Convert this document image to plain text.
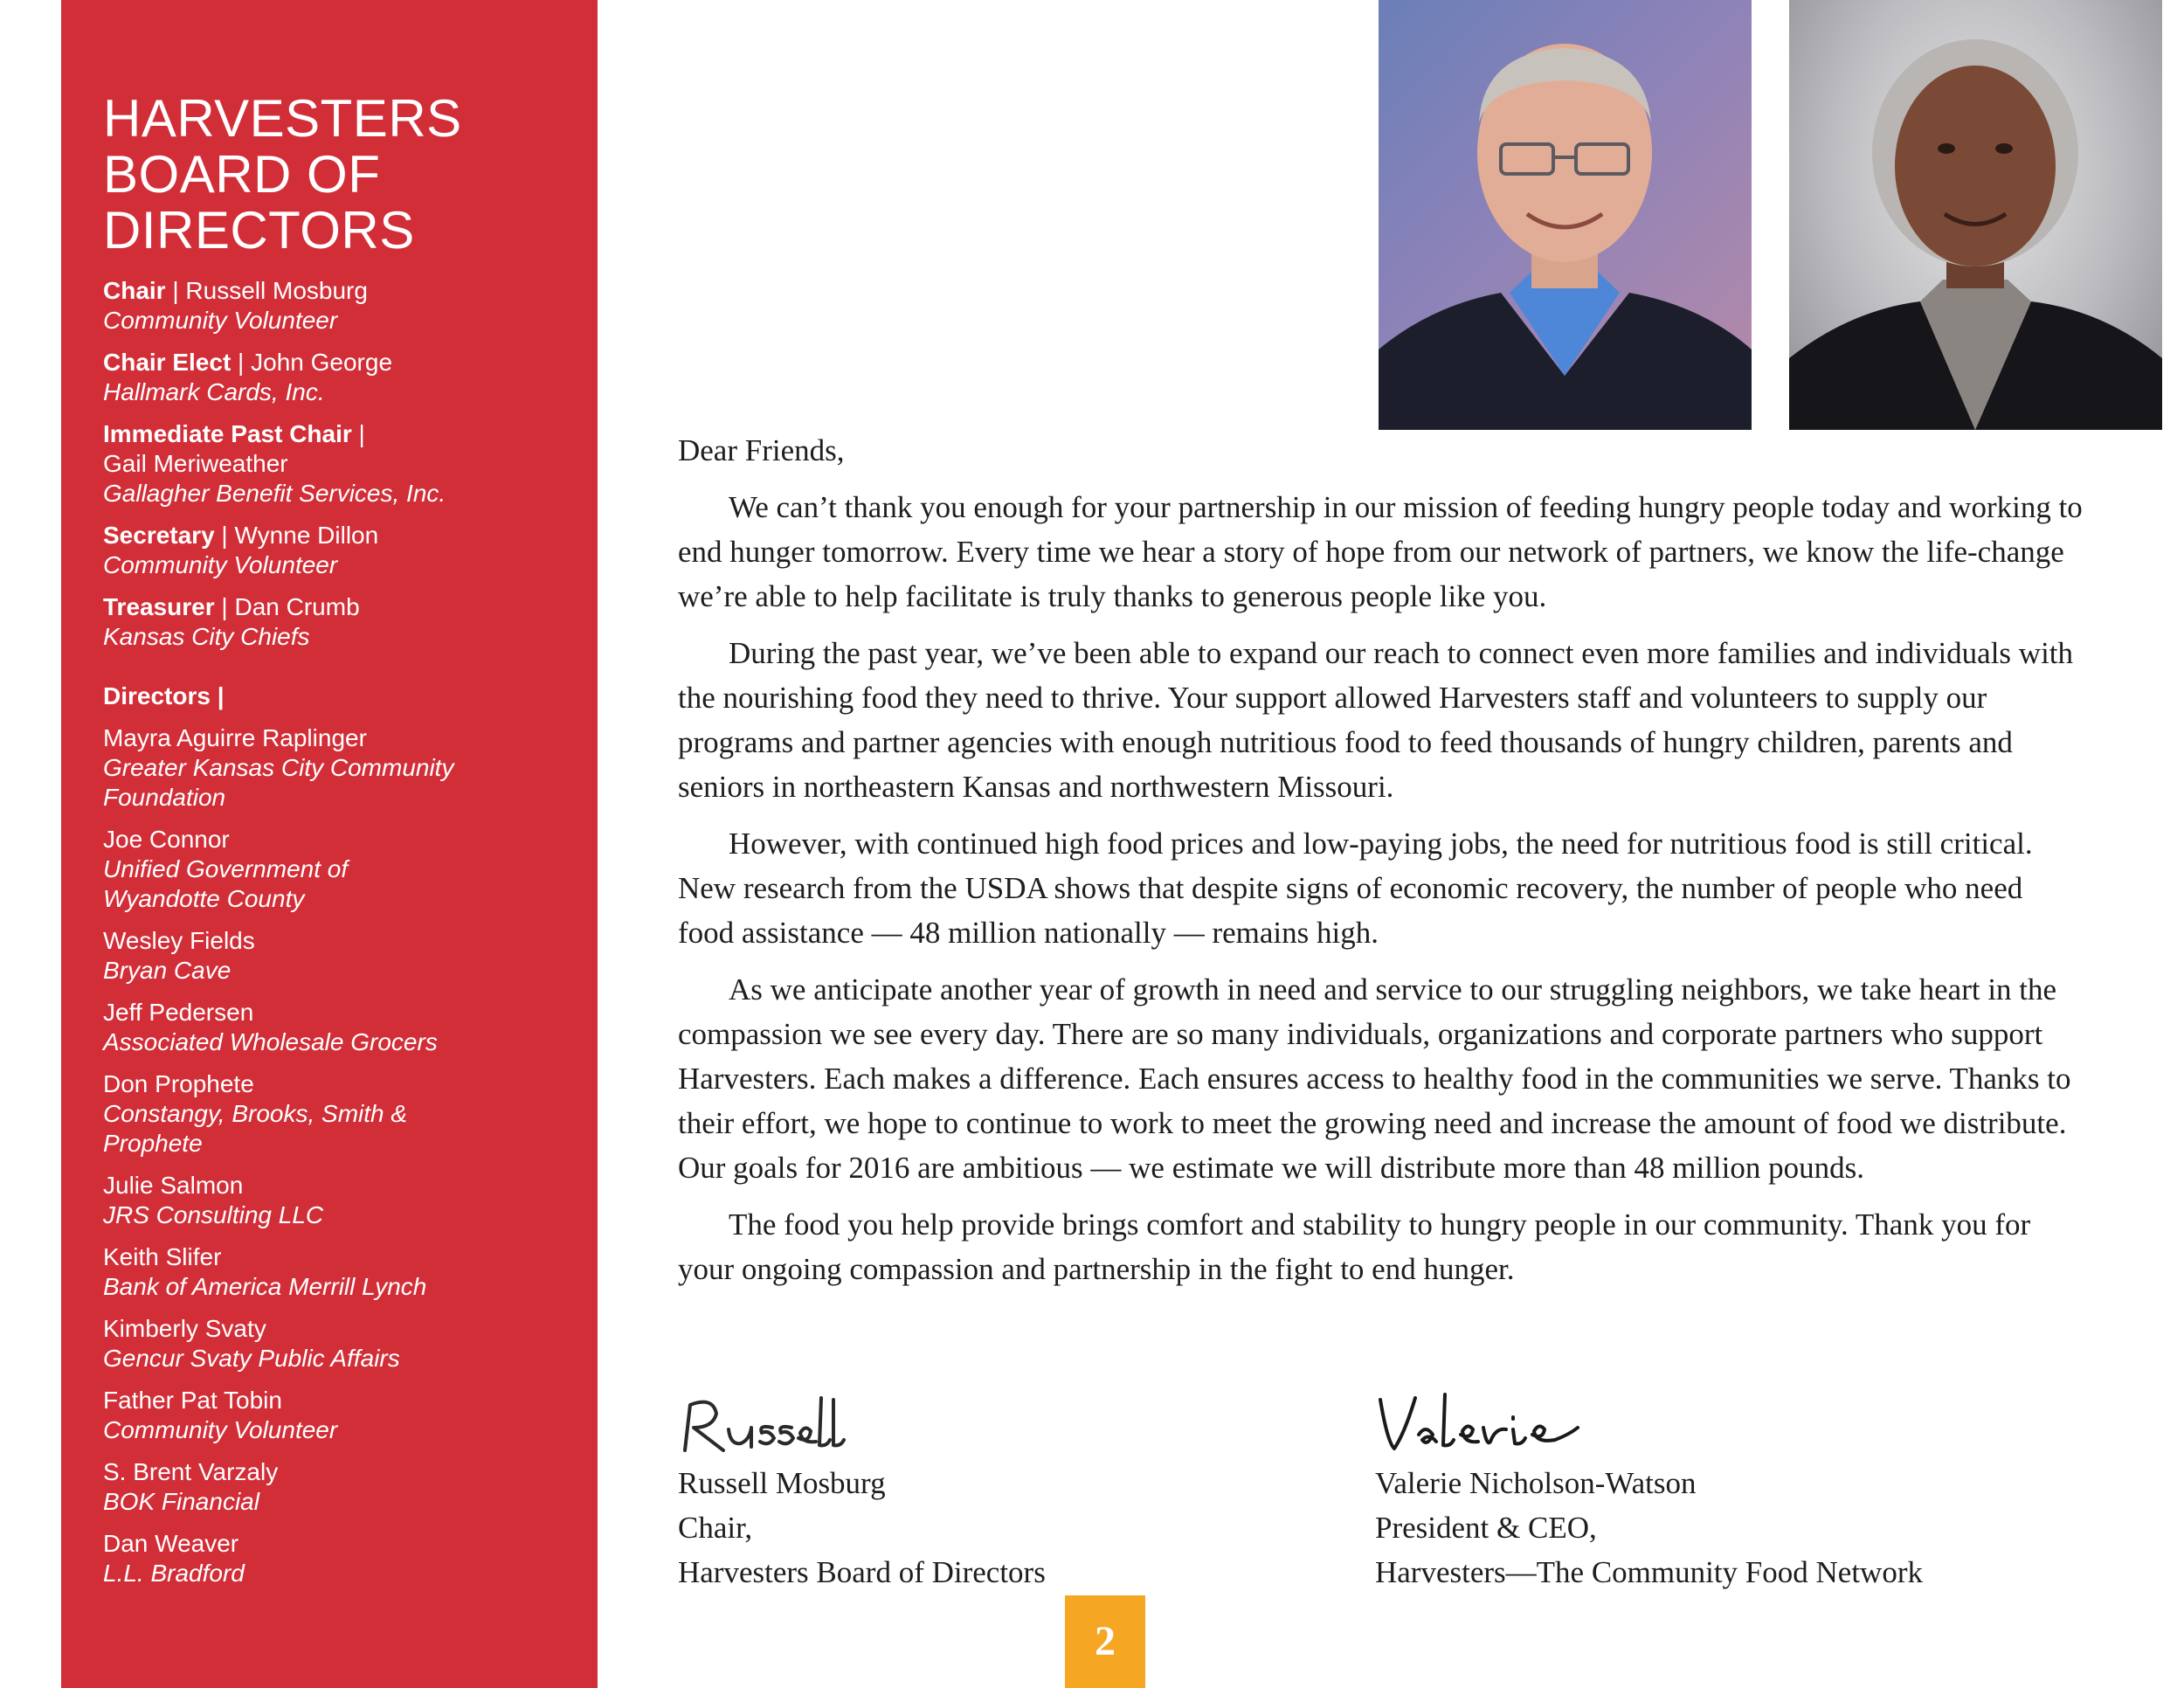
HARVESTERS BOARD OF DIRECTORS
Chair | Russell Mosburg
Community Volunteer
Chair Elect | John George
Hallmark Cards, Inc.
Immediate Past Chair |
Gail Meriweather
Gallagher Benefit Services, Inc.
Secretary | Wynne Dillon
Community Volunteer
Treasurer | Dan Crumb
Kansas City Chiefs
Directors |
Mayra Aguirre Raplinger
Greater Kansas City Community
Foundation
Joe Connor
Unified Government of
Wyandotte County
Wesley Fields
Bryan Cave
Jeff Pedersen
Associated Wholesale Grocers
Don Prophete
Constangy, Brooks, Smith &
Prophete
Julie Salmon
JRS Consulting LLC
Keith Slifer
Bank of America Merrill Lynch
Kimberly Svaty
Gencur Svaty Public Affairs
Father Pat Tobin
Community Volunteer
S. Brent Varzaly
BOK Financial
Dan Weaver
L.L. Bradford

Dear Friends,

We can’t thank you enough for your partnership in our mission of feeding hungry people today and working to end hunger tomorrow. Every time we hear a story of hope from our network of partners, we know the life-change we’re able to help facilitate is truly thanks to generous people like you.

During the past year, we’ve been able to expand our reach to connect even more families and individuals with the nourishing food they need to thrive. Your support allowed Harvesters staff and volunteers to supply our programs and partner agencies with enough nutritious food to feed thousands of hungry children, parents and seniors in northeastern Kansas and northwestern Missouri.

However, with continued high food prices and low-paying jobs, the need for nutritious food is still critical. New research from the USDA shows that despite signs of economic recovery, the number of people who need food assistance — 48 million nationally — remains high.

As we anticipate another year of growth in need and service to our struggling neighbors, we take heart in the compassion we see every day. There are so many individuals, organizations and corporate partners who support Harvesters. Each makes a difference. Each ensures access to healthy food in the communities we serve. Thanks to their effort, we hope to continue to work to meet the growing need and increase the amount of food we distribute. Our goals for 2016 are ambitious — we estimate we will distribute more than 48 million pounds.

The food you help provide brings comfort and stability to hungry people in our community. Thank you for your ongoing compassion and partnership in the fight to end hunger.

Russell Mosburg
Chair,
Harvesters Board of Directors
Valerie Nicholson-Watson
President & CEO,
Harvesters—The Community Food Network
2
